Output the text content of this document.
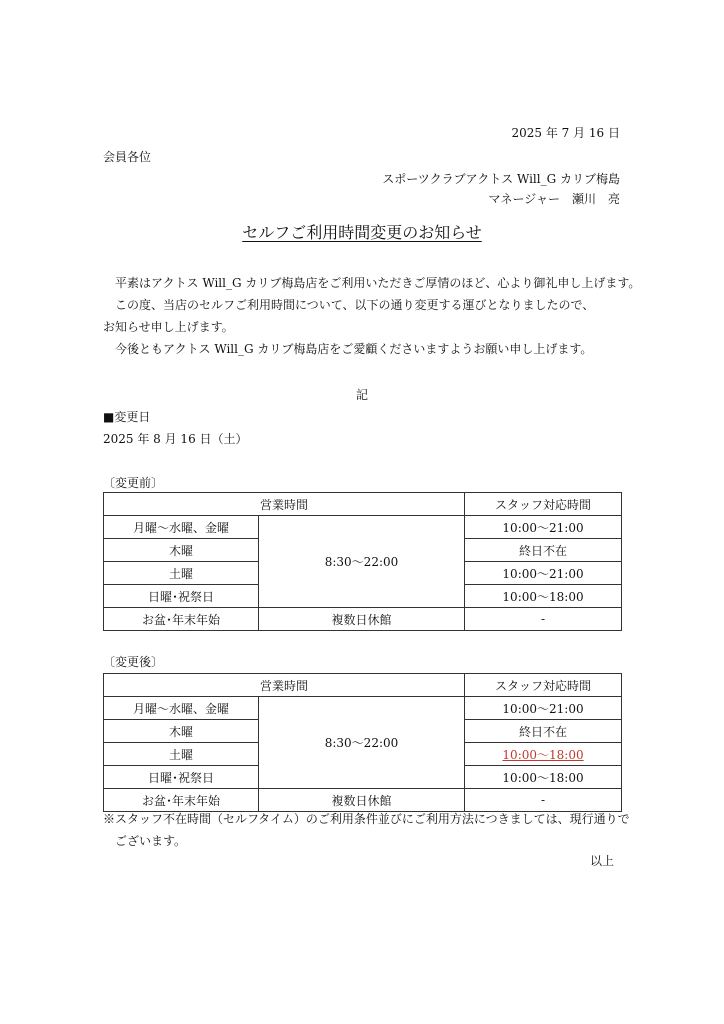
2025 年 7 月 16 日
会員各位
スポーツクラブアクトス Will_G カリブ梅島
マネージャー　瀬川　亮
セルフご利用時間変更のお知らせ
　平素はアクトス Will_G カリブ梅島店をご利用いただきご厚情のほど、心より御礼申し上げます。
　この度、当店のセルフご利用時間について、以下の通り変更する運びとなりましたので、
お知らせ申し上げます。
　今後ともアクトス Will_G カリブ梅島店をご愛顧くださいますようお願い申し上げます。
記
■変更日
2025 年 8 月 16 日（土）
〔変更前〕
営業時間		スタッフ対応時間
月曜～水曜、金曜	8:30～22:00	10:00～21:00
木曜		終日不在
土曜		10:00～21:00
日曜･祝祭日		10:00～18:00
お盆･年末年始	複数日休館	-
〔変更後〕
営業時間		スタッフ対応時間
月曜～水曜、金曜	8:30～22:00	10:00～21:00
木曜		終日不在
土曜		10:00～18:00
日曜･祝祭日		10:00～18:00
お盆･年末年始	複数日休館	-
※スタッフ不在時間（セルフタイム）のご利用条件並びにご利用方法につきましては、現行通りで
　ございます。
以上
